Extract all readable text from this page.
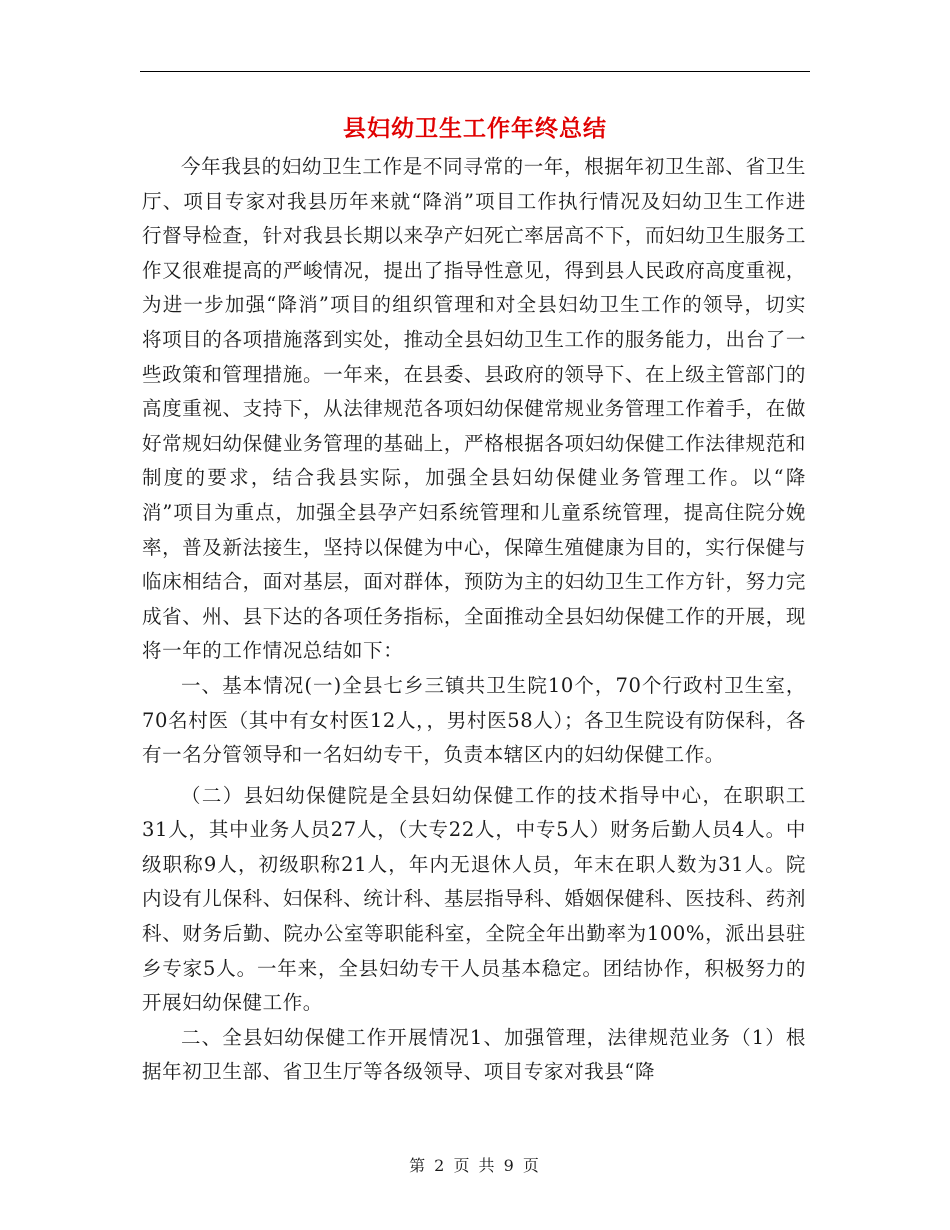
县妇幼卫生工作年终总结

今年我县的妇幼卫生工作是不同寻常的一年，根据年初卫生部、省卫生厅、项目专家对我县历年来就“降消”项目工作执行情况及妇幼卫生工作进行督导检查，针对我县长期以来孕产妇死亡率居高不下，而妇幼卫生服务工作又很难提高的严峻情况，提出了指导性意见，得到县人民政府高度重视，为进一步加强“降消”项目的组织管理和对全县妇幼卫生工作的领导，切实将项目的各项措施落到实处，推动全县妇幼卫生工作的服务能力，出台了一些政策和管理措施。一年来，在县委、县政府的领导下、在上级主管部门的高度重视、支持下，从法律规范各项妇幼保健常规业务管理工作着手，在做好常规妇幼保健业务管理的基础上，严格根据各项妇幼保健工作法律规范和制度的要求，结合我县实际，加强全县妇幼保健业务管理工作。以“降消”项目为重点，加强全县孕产妇系统管理和儿童系统管理，提高住院分娩率，普及新法接生，坚持以保健为中心，保障生殖健康为目的，实行保健与临床相结合，面对基层，面对群体，预防为主的妇幼卫生工作方针，努力完成省、州、县下达的各项任务指标，全面推动全县妇幼保健工作的开展，现将一年的工作情况总结如下：

一、基本情况(一)全县七乡三镇共卫生院10个，70个行政村卫生室，70名村医（其中有女村医12人，，男村医58人）；各卫生院设有防保科，各有一名分管领导和一名妇幼专干，负责本辖区内的妇幼保健工作。

（二）县妇幼保健院是全县妇幼保健工作的技术指导中心，在职职工31人，其中业务人员27人，（大专22人，中专5人）财务后勤人员4人。中级职称9人，初级职称21人，年内无退休人员，年末在职人数为31人。院内设有儿保科、妇保科、统计科、基层指导科、婚姻保健科、医技科、药剂科、财务后勤、院办公室等职能科室，全院全年出勤率为100%，派出县驻乡专家5人。一年来，全县妇幼专干人员基本稳定。团结协作，积极努力的开展妇幼保健工作。

二、全县妇幼保健工作开展情况1、加强管理，法律规范业务（1）根据年初卫生部、省卫生厅等各级领导、项目专家对我县“降

第 2 页 共 9 页
